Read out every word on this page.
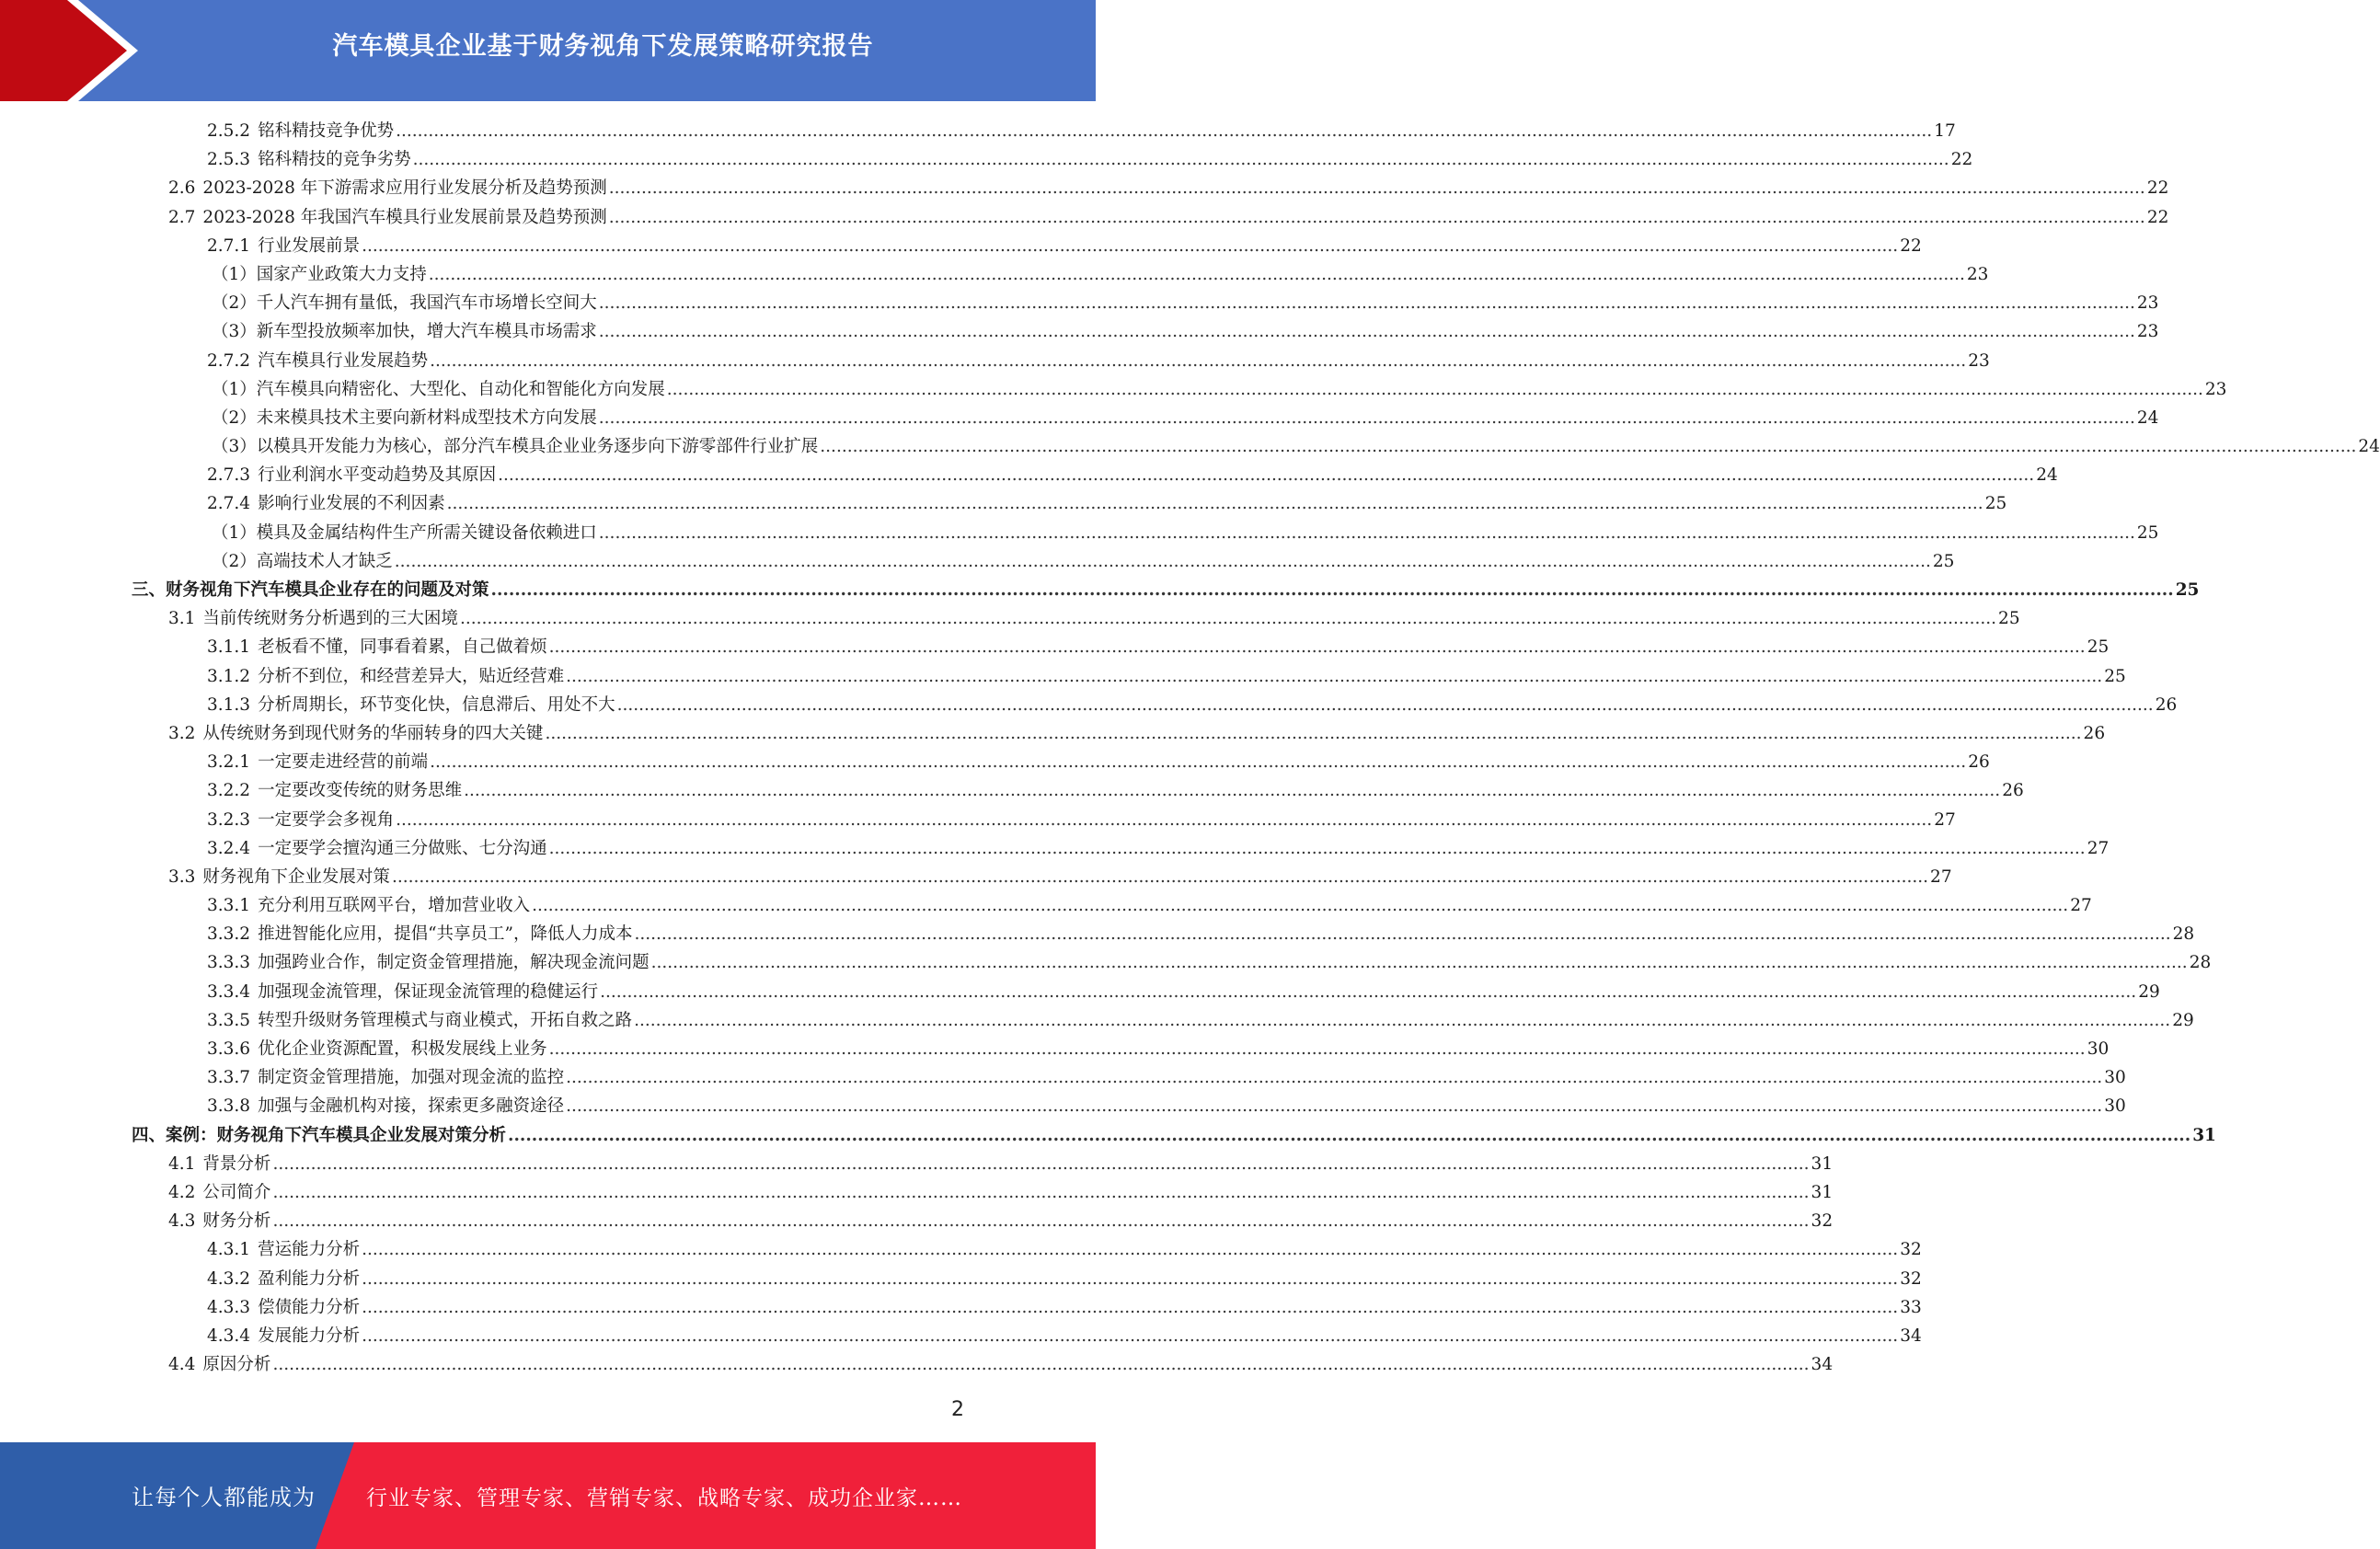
汽车模具企业基于财务视角下发展策略研究报告
2.5.2 铭科精技竞争优势 .....	17
2.5.3 铭科精技的竞争劣势 .....	22
2.6 2023-2028 年下游需求应用行业发展分析及趋势预测 .....	22
2.7 2023-2028 年我国汽车模具行业发展前景及趋势预测 .....	22
2.7.1 行业发展前景 .....	22
（1）国家产业政策大力支持 .....	23
（2）千人汽车拥有量低，我国汽车市场增长空间大 .....	23
（3）新车型投放频率加快，增大汽车模具市场需求 .....	23
2.7.2 汽车模具行业发展趋势 .....	23
（1）汽车模具向精密化、大型化、自动化和智能化方向发展 .....	23
（2）未来模具技术主要向新材料成型技术方向发展 .....	24
（3）以模具开发能力为核心，部分汽车模具企业业务逐步向下游零部件行业扩展 .....	24
2.7.3 行业利润水平变动趋势及其原因 .....	24
2.7.4 影响行业发展的不利因素 .....	25
（1）模具及金属结构件生产所需关键设备依赖进口 .....	25
（2）高端技术人才缺乏 .....	25
三、财务视角下汽车模具企业存在的问题及对策 .....	25
3.1 当前传统财务分析遇到的三大困境 .....	25
3.1.1 老板看不懂，同事看着累，自己做着烦 .....	25
3.1.2 分析不到位，和经营差异大，贴近经营难 .....	25
3.1.3 分析周期长，环节变化快，信息滞后、用处不大 .....	26
3.2 从传统财务到现代财务的华丽转身的四大关键 .....	26
3.2.1 一定要走进经营的前端 .....	26
3.2.2 一定要改变传统的财务思维 .....	26
3.2.3 一定要学会多视角 .....	27
3.2.4 一定要学会擅沟通三分做账、七分沟通 .....	27
3.3 财务视角下企业发展对策 .....	27
3.3.1 充分利用互联网平台，增加营业收入 .....	27
3.3.2 推进智能化应用，提倡“共享员工”，降低人力成本 .....	28
3.3.3 加强跨业合作，制定资金管理措施，解决现金流问题 .....	28
3.3.4 加强现金流管理，保证现金流管理的稳健运行 .....	29
3.3.5 转型升级财务管理模式与商业模式，开拓自救之路 .....	29
3.3.6 优化企业资源配置，积极发展线上业务 .....	30
3.3.7 制定资金管理措施，加强对现金流的监控 .....	30
3.3.8 加强与金融机构对接，探索更多融资途径 .....	30
四、案例：财务视角下汽车模具企业发展对策分析 .....	31
4.1 背景分析 .....	31
4.2 公司简介 .....	31
4.3 财务分析 .....	32
4.3.1 营运能力分析 .....	32
4.3.2 盈利能力分析 .....	32
4.3.3 偿债能力分析 .....	33
4.3.4 发展能力分析 .....	34
4.4 原因分析 .....	34
2
让每个人都能成为 行业专家、管理专家、营销专家、战略专家、成功企业家……
